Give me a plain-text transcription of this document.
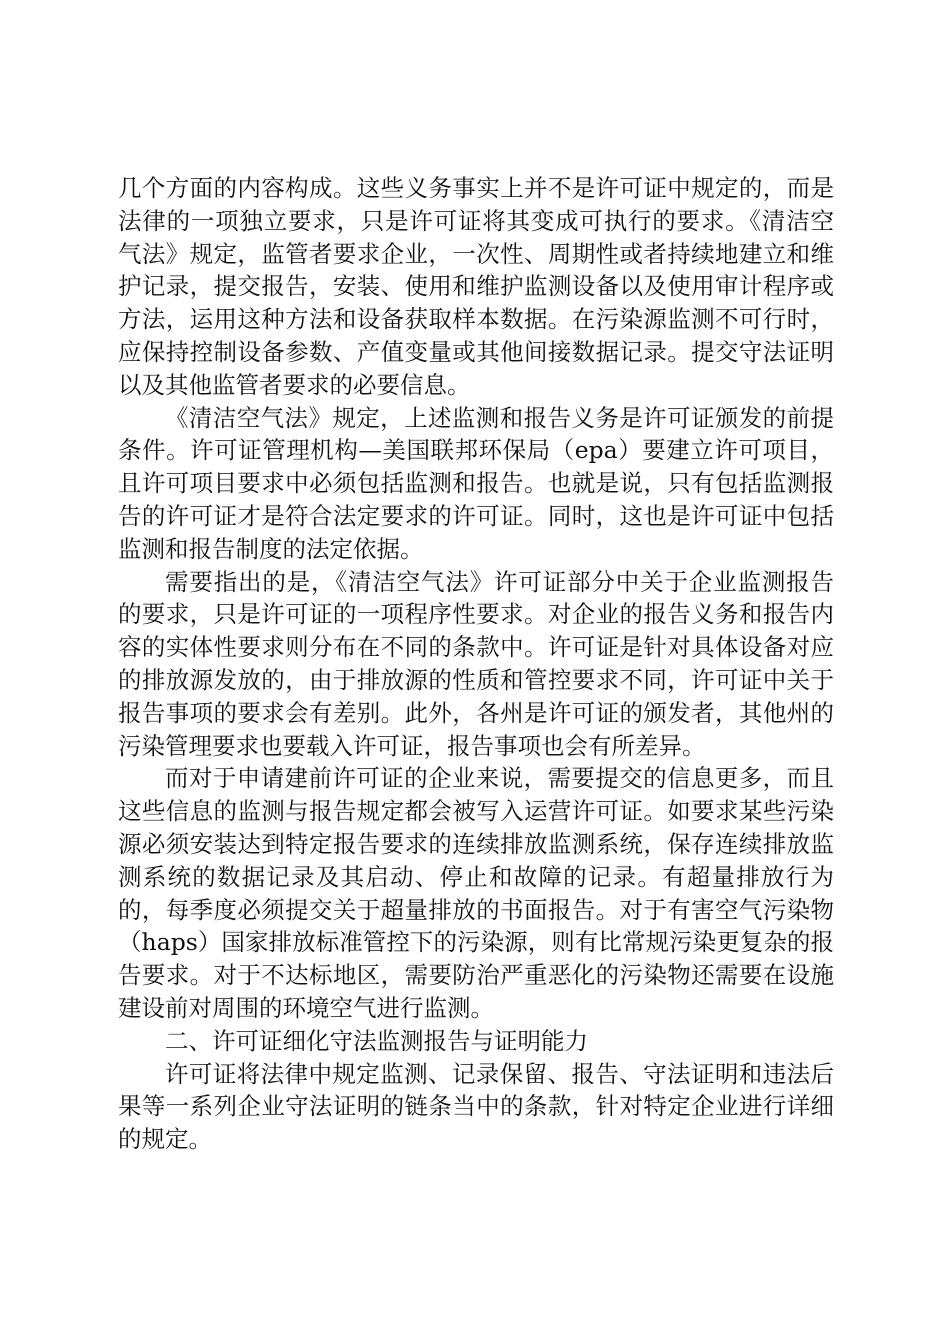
几个方面的内容构成。这些义务事实上并不是许可证中规定的，而是法律的一项独立要求，只是许可证将其变成可执行的要求。《清洁空气法》规定，监管者要求企业，一次性、周期性或者持续地建立和维护记录，提交报告，安装、使用和维护监测设备以及使用审计程序或方法，运用这种方法和设备获取样本数据。在污染源监测不可行时，应保持控制设备参数、产值变量或其他间接数据记录。提交守法证明以及其他监管者要求的必要信息。

《清洁空气法》规定，上述监测和报告义务是许可证颁发的前提条件。许可证管理机构—美国联邦环保局（epa）要建立许可项目，且许可项目要求中必须包括监测和报告。也就是说，只有包括监测报告的许可证才是符合法定要求的许可证。同时，这也是许可证中包括监测和报告制度的法定依据。

需要指出的是，《清洁空气法》许可证部分中关于企业监测报告的要求，只是许可证的一项程序性要求。对企业的报告义务和报告内容的实体性要求则分布在不同的条款中。许可证是针对具体设备对应的排放源发放的，由于排放源的性质和管控要求不同，许可证中关于报告事项的要求会有差别。此外，各州是许可证的颁发者，其他州的污染管理要求也要载入许可证，报告事项也会有所差异。

而对于申请建前许可证的企业来说，需要提交的信息更多，而且这些信息的监测与报告规定都会被写入运营许可证。如要求某些污染源必须安装达到特定报告要求的连续排放监测系统，保存连续排放监测系统的数据记录及其启动、停止和故障的记录。有超量排放行为的，每季度必须提交关于超量排放的书面报告。对于有害空气污染物（haps）国家排放标准管控下的污染源，则有比常规污染更复杂的报告要求。对于不达标地区，需要防治严重恶化的污染物还需要在设施建设前对周围的环境空气进行监测。

二、许可证细化守法监测报告与证明能力

许可证将法律中规定监测、记录保留、报告、守法证明和违法后果等一系列企业守法证明的链条当中的条款，针对特定企业进行详细的规定。
